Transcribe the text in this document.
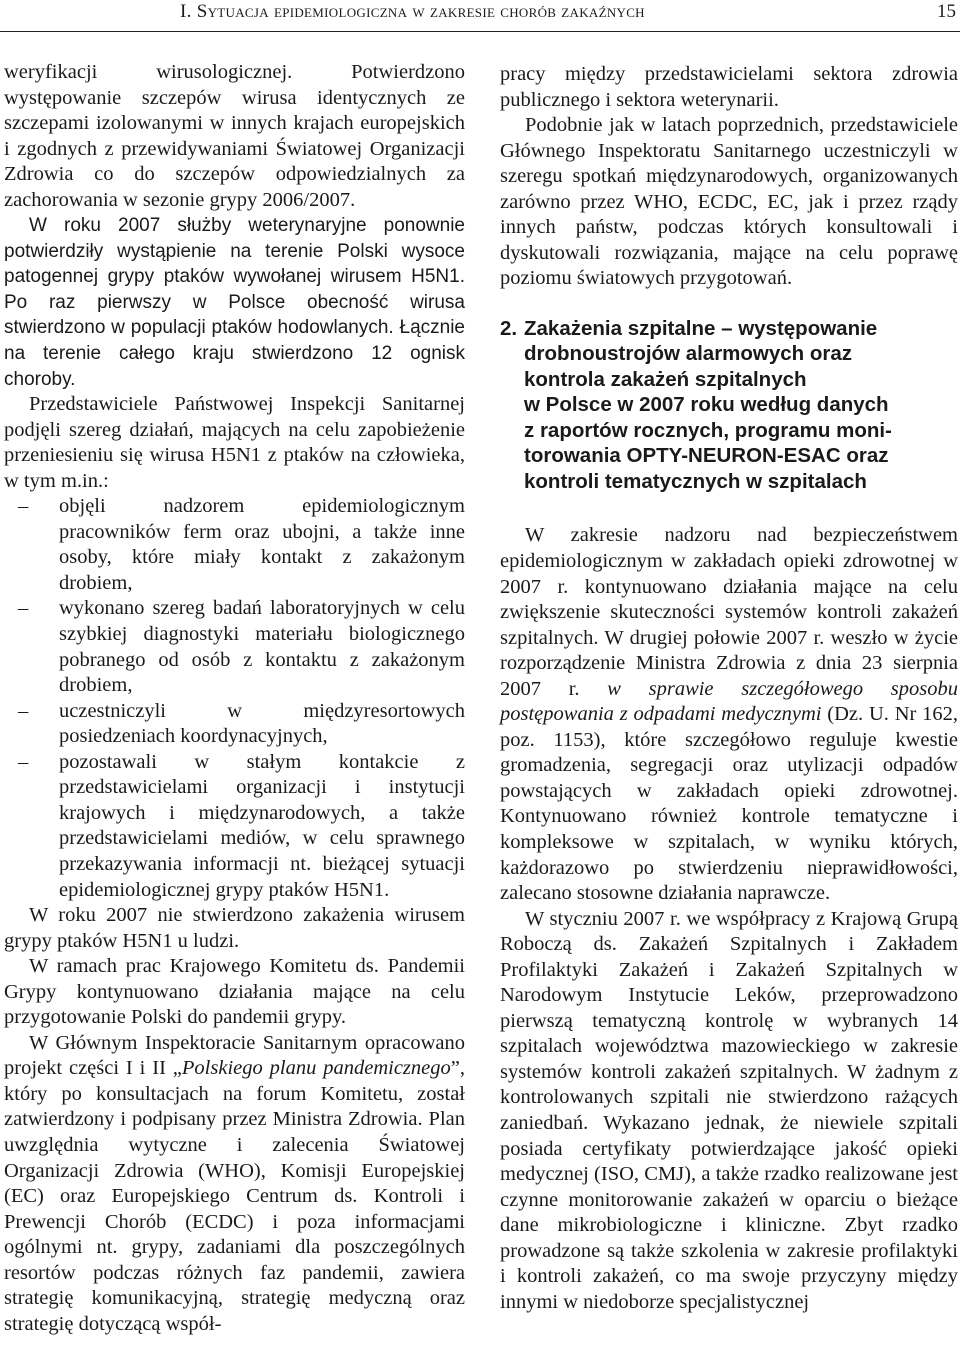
I. Sytuacja epidemiologiczna w zakresie chorób zakaźnych	15

weryfikacji wirusologicznej. Potwierdzono występowanie szczepów wirusa identycznych ze szczepami izolowanymi w innych krajach europejskich i zgodnych z przewidywaniami Światowej Organizacji Zdrowia co do szczepów odpowiedzialnych za zachorowania w sezonie grypy 2006/2007.

W roku 2007 służby weterynaryjne ponownie potwierdziły wystąpienie na terenie Polski wysoce patogennej grypy ptaków wywołanej wirusem H5N1. Po raz pierwszy w Polsce obecność wirusa stwierdzono w populacji ptaków hodowlanych. Łącznie na terenie całego kraju stwierdzono 12 ognisk choroby.

Przedstawiciele Państwowej Inspekcji Sanitarnej podjęli szereg działań, mających na celu zapobieżenie przeniesieniu się wirusa H5N1 z ptaków na człowieka, w tym m.in.:

– objęli nadzorem epidemiologicznym pracowników ferm oraz ubojni, a także inne osoby, które miały kontakt z zakażonym drobiem,
– wykonano szereg badań laboratoryjnych w celu szybkiej diagnostyki materiału biologicznego pobranego od osób z kontaktu z zakażonym drobiem,
– uczestniczyli w międzyresortowych posiedzeniach koordynacyjnych,
– pozostawali w stałym kontakcie z przedstawicielami organizacji i instytucji krajowych i międzynarodowych, a także przedstawicielami mediów, w celu sprawnego przekazywania informacji nt. bieżącej sytuacji epidemiologicznej grypy ptaków H5N1.

W roku 2007 nie stwierdzono zakażenia wirusem grypy ptaków H5N1 u ludzi.

W ramach prac Krajowego Komitetu ds. Pandemii Grypy kontynuowano działania mające na celu przygotowanie Polski do pandemii grypy.

W Głównym Inspektoracie Sanitarnym opracowano projekt części I i II „Polskiego planu pandemicznego”, który po konsultacjach na forum Komitetu, został zatwierdzony i podpisany przez Ministra Zdrowia. Plan uwzględnia wytyczne i zalecenia Światowej Organizacji Zdrowia (WHO), Komisji Europejskiej (EC) oraz Europejskiego Centrum ds. Kontroli i Prewencji Chorób (ECDC) i poza informacjami ogólnymi nt. grypy, zadaniami dla poszczególnych resortów podczas różnych faz pandemii, zawiera strategię komunikacyjną, strategię medyczną oraz strategię dotyczącą współ-

pracy między przedstawicielami sektora zdrowia publicznego i sektora weterynarii.

Podobnie jak w latach poprzednich, przedstawiciele Głównego Inspektoratu Sanitarnego uczestniczyli w szeregu spotkań międzynarodowych, organizowanych zarówno przez WHO, ECDC, EC, jak i przez rządy innych państw, podczas których konsultowali i dyskutowali rozwiązania, mające na celu poprawę poziomu światowych przygotowań.

2. Zakażenia szpitalne – występowanie
drobnoustrojów alarmowych oraz
kontrola zakażeń szpitalnych
w Polsce w 2007 roku według danych
z raportów rocznych, programu moni-
torowania OPTY-NEURON-ESAC oraz
kontroli tematycznych w szpitalach

W zakresie nadzoru nad bezpieczeństwem epidemiologicznym w zakładach opieki zdrowotnej w 2007 r. kontynuowano działania mające na celu zwiększenie skuteczności systemów kontroli zakażeń szpitalnych. W drugiej połowie 2007 r. weszło w życie rozporządzenie Ministra Zdrowia z dnia 23 sierpnia 2007 r. w sprawie szczegółowego sposobu postępowania z odpadami medycznymi (Dz. U. Nr 162, poz. 1153), które szczegółowo reguluje kwestie gromadzenia, segregacji oraz utylizacji odpadów powstających w zakładach opieki zdrowotnej. Kontynuowano również kontrole tematyczne i kompleksowe w szpitalach, w wyniku których, każdorazowo po stwierdzeniu nieprawidłowości, zalecano stosowne działania naprawcze.

W styczniu 2007 r. we współpracy z Krajową Grupą Roboczą ds. Zakażeń Szpitalnych i Zakładem Profilaktyki Zakażeń i Zakażeń Szpitalnych w Narodowym Instytucie Leków, przeprowadzono pierwszą tematyczną kontrolę w wybranych 14 szpitalach województwa mazowieckiego w zakresie systemów kontroli zakażeń szpitalnych. W żadnym z kontrolowanych szpitali nie stwierdzono rażących zaniedbań. Wykazano jednak, że niewiele szpitali posiada certyfikaty potwierdzające jakość opieki medycznej (ISO, CMJ), a także rzadko realizowane jest czynne monitorowanie zakażeń w oparciu o bieżące dane mikrobiologiczne i kliniczne. Zbyt rzadko prowadzone są także szkolenia w zakresie profilaktyki i kontroli zakażeń, co ma swoje przyczyny między innymi w niedoborze specjalistycznej
